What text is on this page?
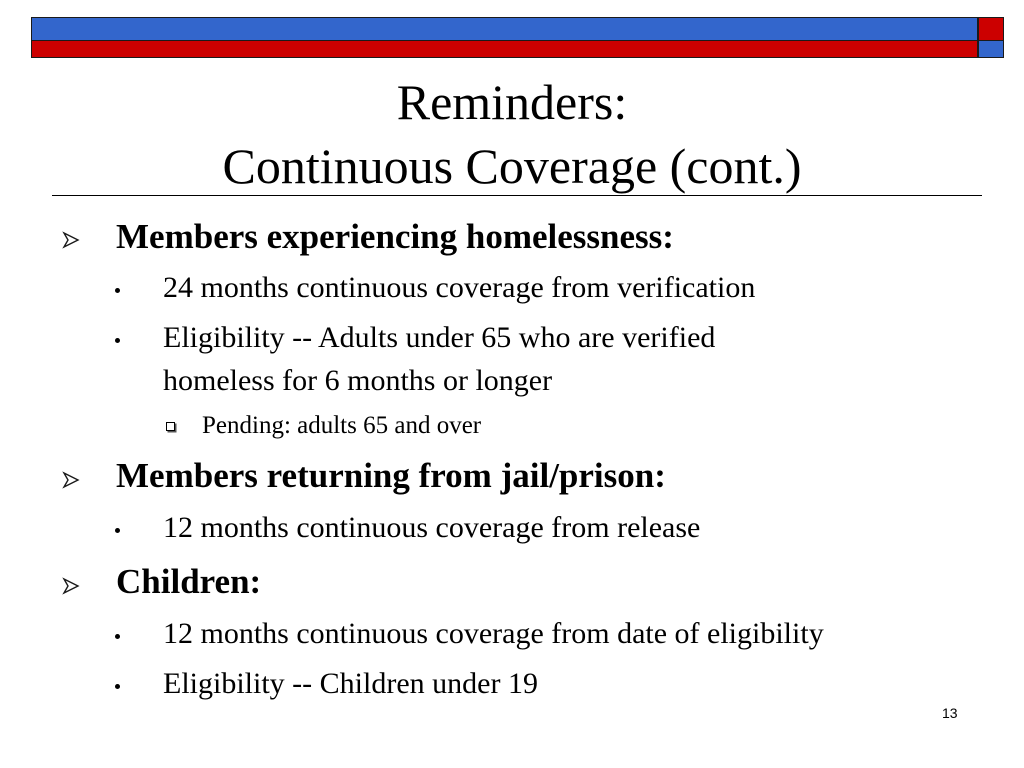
Reminders:
Continuous Coverage (cont.)
Members experiencing homelessness:
24 months continuous coverage from verification
Eligibility -- Adults under 65 who are verified
homeless for 6 months or longer
Pending: adults 65 and over
Members returning from jail/prison:
12 months continuous coverage from release
Children:
12 months continuous coverage from date of eligibility
Eligibility -- Children under 19
13
